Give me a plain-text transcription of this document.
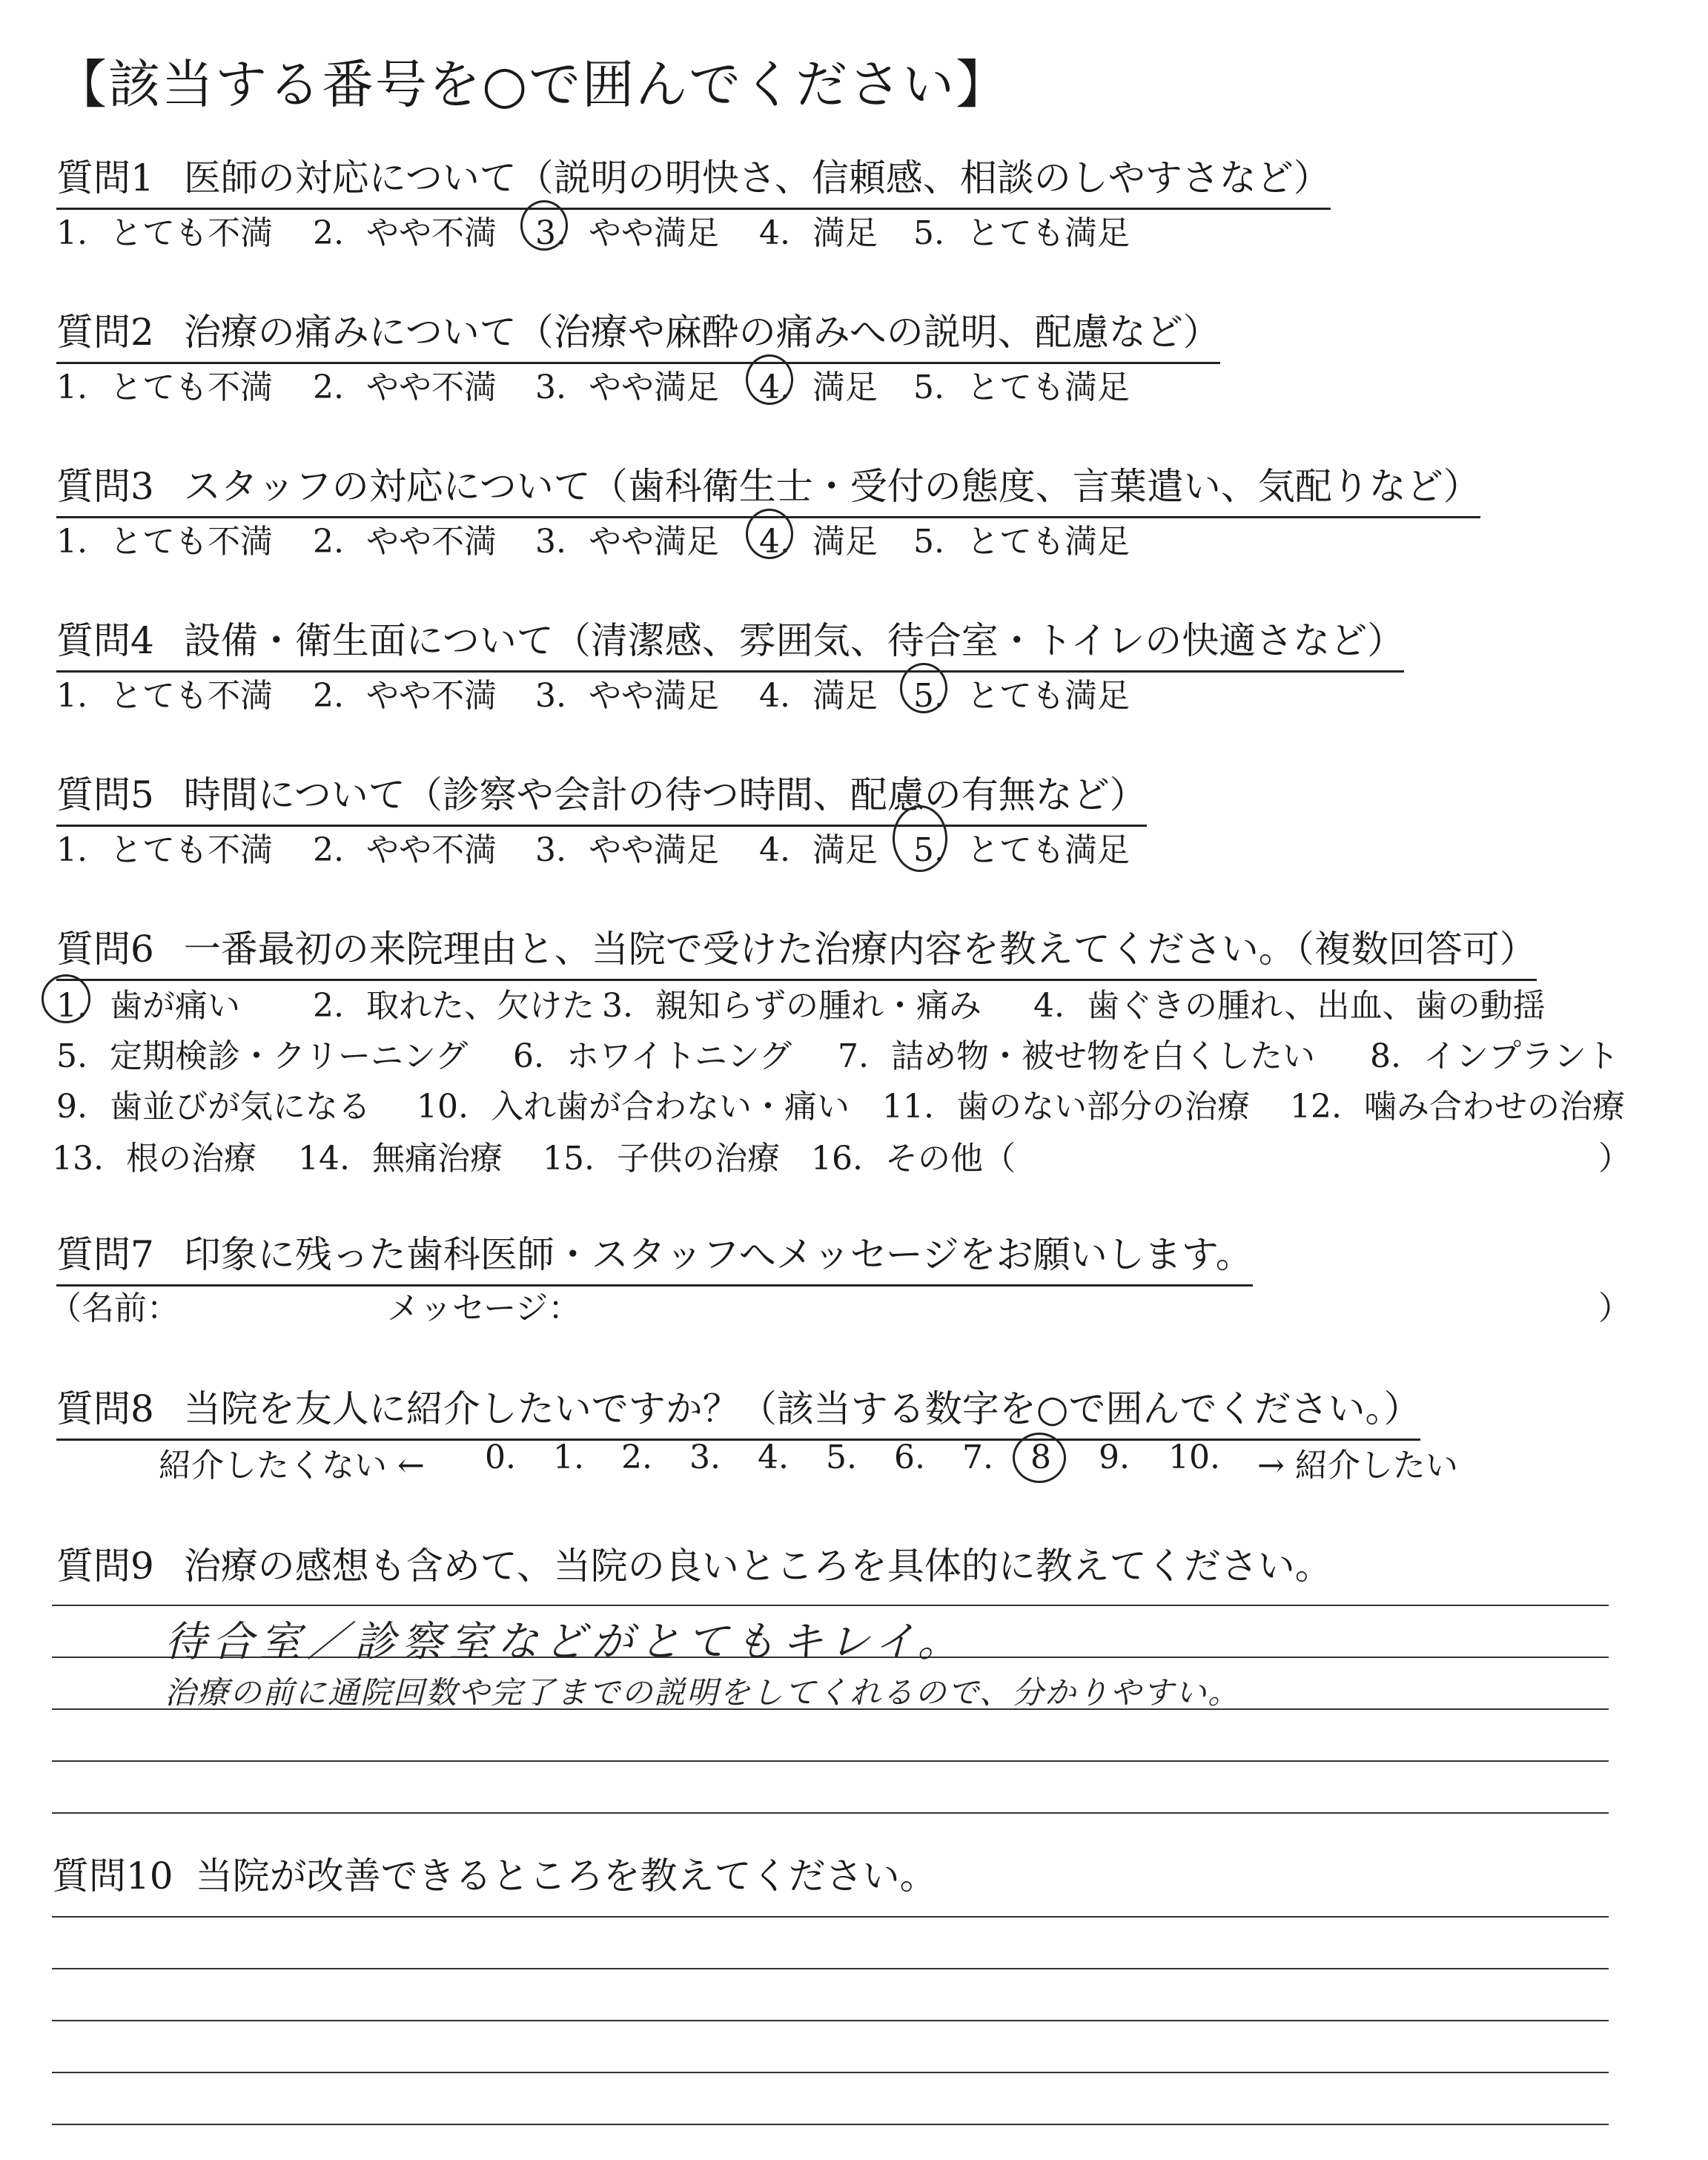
【該当する番号を○で囲んでください】
質問1 医師の対応について（説明の明快さ、信頼感、相談のしやすさなど）
1. とても不満 2. やや不満 3. やや満足 4. 満足 5. とても満足
質問2 治療の痛みについて（治療や麻酔の痛みへの説明、配慮など）
1. とても不満 2. やや不満 3. やや満足 4. 満足 5. とても満足
質問3 スタッフの対応について（歯科衛生士・受付の態度、言葉遣い、気配りなど）
1. とても不満 2. やや不満 3. やや満足 4. 満足 5. とても満足
質問4 設備・衛生面について（清潔感、雰囲気、待合室・トイレの快適さなど）
1. とても不満 2. やや不満 3. やや満足 4. 満足 5. とても満足
質問5 時間について（診察や会計の待つ時間、配慮の有無など）
1. とても不満 2. やや不満 3. やや満足 4. 満足 5. とても満足
質問6 一番最初の来院理由と、当院で受けた治療内容を教えてください。（複数回答可）
1. 歯が痛い 2. 取れた、欠けた 3. 親知らずの腫れ・痛み 4. 歯ぐきの腫れ、出血、歯の動揺
5. 定期検診・クリーニング 6. ホワイトニング 7. 詰め物・被せ物を白くしたい 8. インプラント
9. 歯並びが気になる 10. 入れ歯が合わない・痛い 11. 歯のない部分の治療 12. 噛み合わせの治療
13. 根の治療 14. 無痛治療 15. 子供の治療 16. その他（	）
質問7 印象に残った歯科医師・スタッフへメッセージをお願いします。
（名前：	メッセージ：	）
質問8 当院を友人に紹介したいですか？（該当する数字を○で囲んでください。）
紹介したくない ← 0. 1. 2. 3. 4. 5. 6. 7. 8 9. 10. → 紹介したい
質問9 治療の感想も含めて、当院の良いところを具体的に教えてください。
待合室／診察室などがとてもキレイ。
治療の前に通院回数や完了までの説明をしてくれるので、分かりやすい。
質問10 当院が改善できるところを教えてください。
